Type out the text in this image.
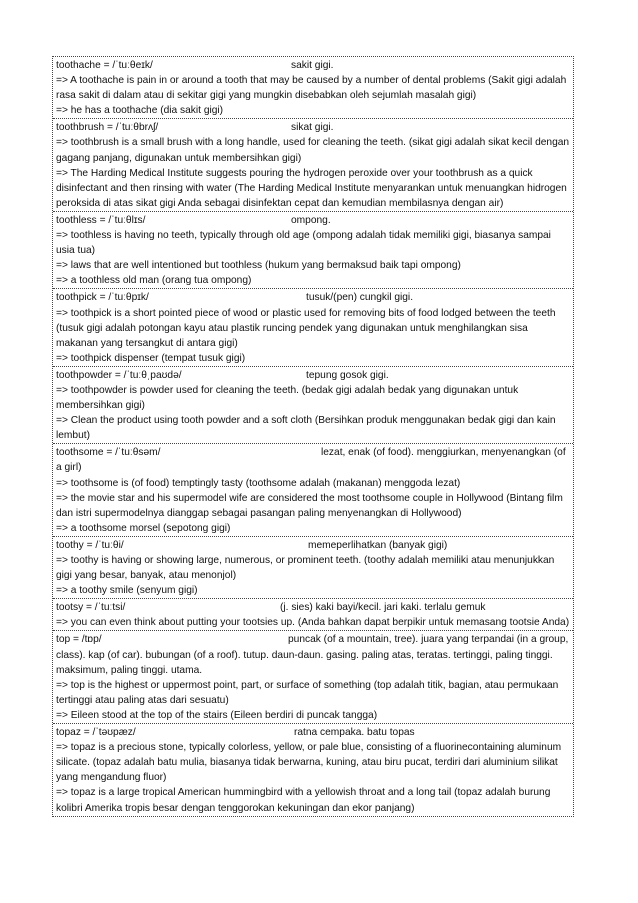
toothache = /ˈtuːθeɪk/	sakit gigi.
=> A toothache is pain in or around a tooth that may be caused by a number of dental problems (Sakit gigi adalah rasa sakit di dalam atau di sekitar gigi yang mungkin disebabkan oleh sejumlah masalah gigi)
=> he has a toothache (dia sakit gigi)
toothbrush = /ˈtuːθbrʌʃ/	sikat gigi.
=> toothbrush is a small brush with a long handle, used for cleaning the teeth. (sikat gigi adalah sikat kecil dengan gagang panjang, digunakan untuk membersihkan gigi)
=> The Harding Medical Institute suggests pouring the hydrogen peroxide over your toothbrush as a quick disinfectant and then rinsing with water (The Harding Medical Institute menyarankan untuk menuangkan hidrogen peroksida di atas sikat gigi Anda sebagai disinfektan cepat dan kemudian membilasnya dengan air)
toothless = /ˈtuːθlɪs/	ompong.
=> toothless is having no teeth, typically through old age (ompong adalah tidak memiliki gigi, biasanya sampai usia tua)
=> laws that are well intentioned but toothless (hukum yang bermaksud baik tapi ompong)
=> a toothless old man (orang tua ompong)
toothpick = /ˈtuːθpɪk/	tusuk/(pen) cungkil gigi.
=> toothpick is a short pointed piece of wood or plastic used for removing bits of food lodged between the teeth (tusuk gigi adalah potongan kayu atau plastik runcing pendek yang digunakan untuk menghilangkan sisa makanan yang tersangkut di antara gigi)
=> toothpick dispenser (tempat tusuk gigi)
toothpowder = /ˈtuːθˌpaʊdə/	tepung gosok gigi.
=> toothpowder is powder used for cleaning the teeth. (bedak gigi adalah bedak yang digunakan untuk membersihkan gigi)
=> Clean the product using tooth powder and a soft cloth (Bersihkan produk menggunakan bedak gigi dan kain lembut)
toothsome = /ˈtuːθsəm/	lezat, enak (of food). menggiurkan, menyenangkan (of a girl)
=> toothsome is (of food) temptingly tasty (toothsome adalah (makanan) menggoda lezat)
=> the movie star and his supermodel wife are considered the most toothsome couple in Hollywood (Bintang film dan istri supermodelnya dianggap sebagai pasangan paling menyenangkan di Hollywood)
=> a toothsome morsel (sepotong gigi)
toothy = /ˈtuːθi/	memeperlihatkan (banyak gigi)
=> toothy is having or showing large, numerous, or prominent teeth. (toothy adalah memiliki atau menunjukkan gigi yang besar, banyak, atau menonjol)
=> a toothy smile (senyum gigi)
tootsy = /ˈtuːtsi/	(j. sies) kaki bayi/kecil. jari kaki. terlalu gemuk
=> you can even think about putting your tootsies up. (Anda bahkan dapat berpikir untuk memasang tootsie Anda)
top = /tɒp/	puncak (of a mountain, tree). juara yang terpandai (in a group, class). kap (of car). bubungan (of a roof). tutup. daun-daun. gasing. paling atas, teratas. tertinggi, paling tinggi. maksimum, paling tinggi. utama.
=> top is the highest or uppermost point, part, or surface of something (top adalah titik, bagian, atau permukaan tertinggi atau paling atas dari sesuatu)
=> Eileen stood at the top of the stairs (Eileen berdiri di puncak tangga)
topaz = /ˈtəʊpæz/	ratna cempaka. batu topas
=> topaz is a precious stone, typically colorless, yellow, or pale blue, consisting of a fluorinecontaining aluminum silicate. (topaz adalah batu mulia, biasanya tidak berwarna, kuning, atau biru pucat, terdiri dari aluminium silikat yang mengandung fluor)
=> topaz is a large tropical American hummingbird with a yellowish throat and a long tail (topaz adalah burung kolibri Amerika tropis besar dengan tenggorokan kekuningan dan ekor panjang)
